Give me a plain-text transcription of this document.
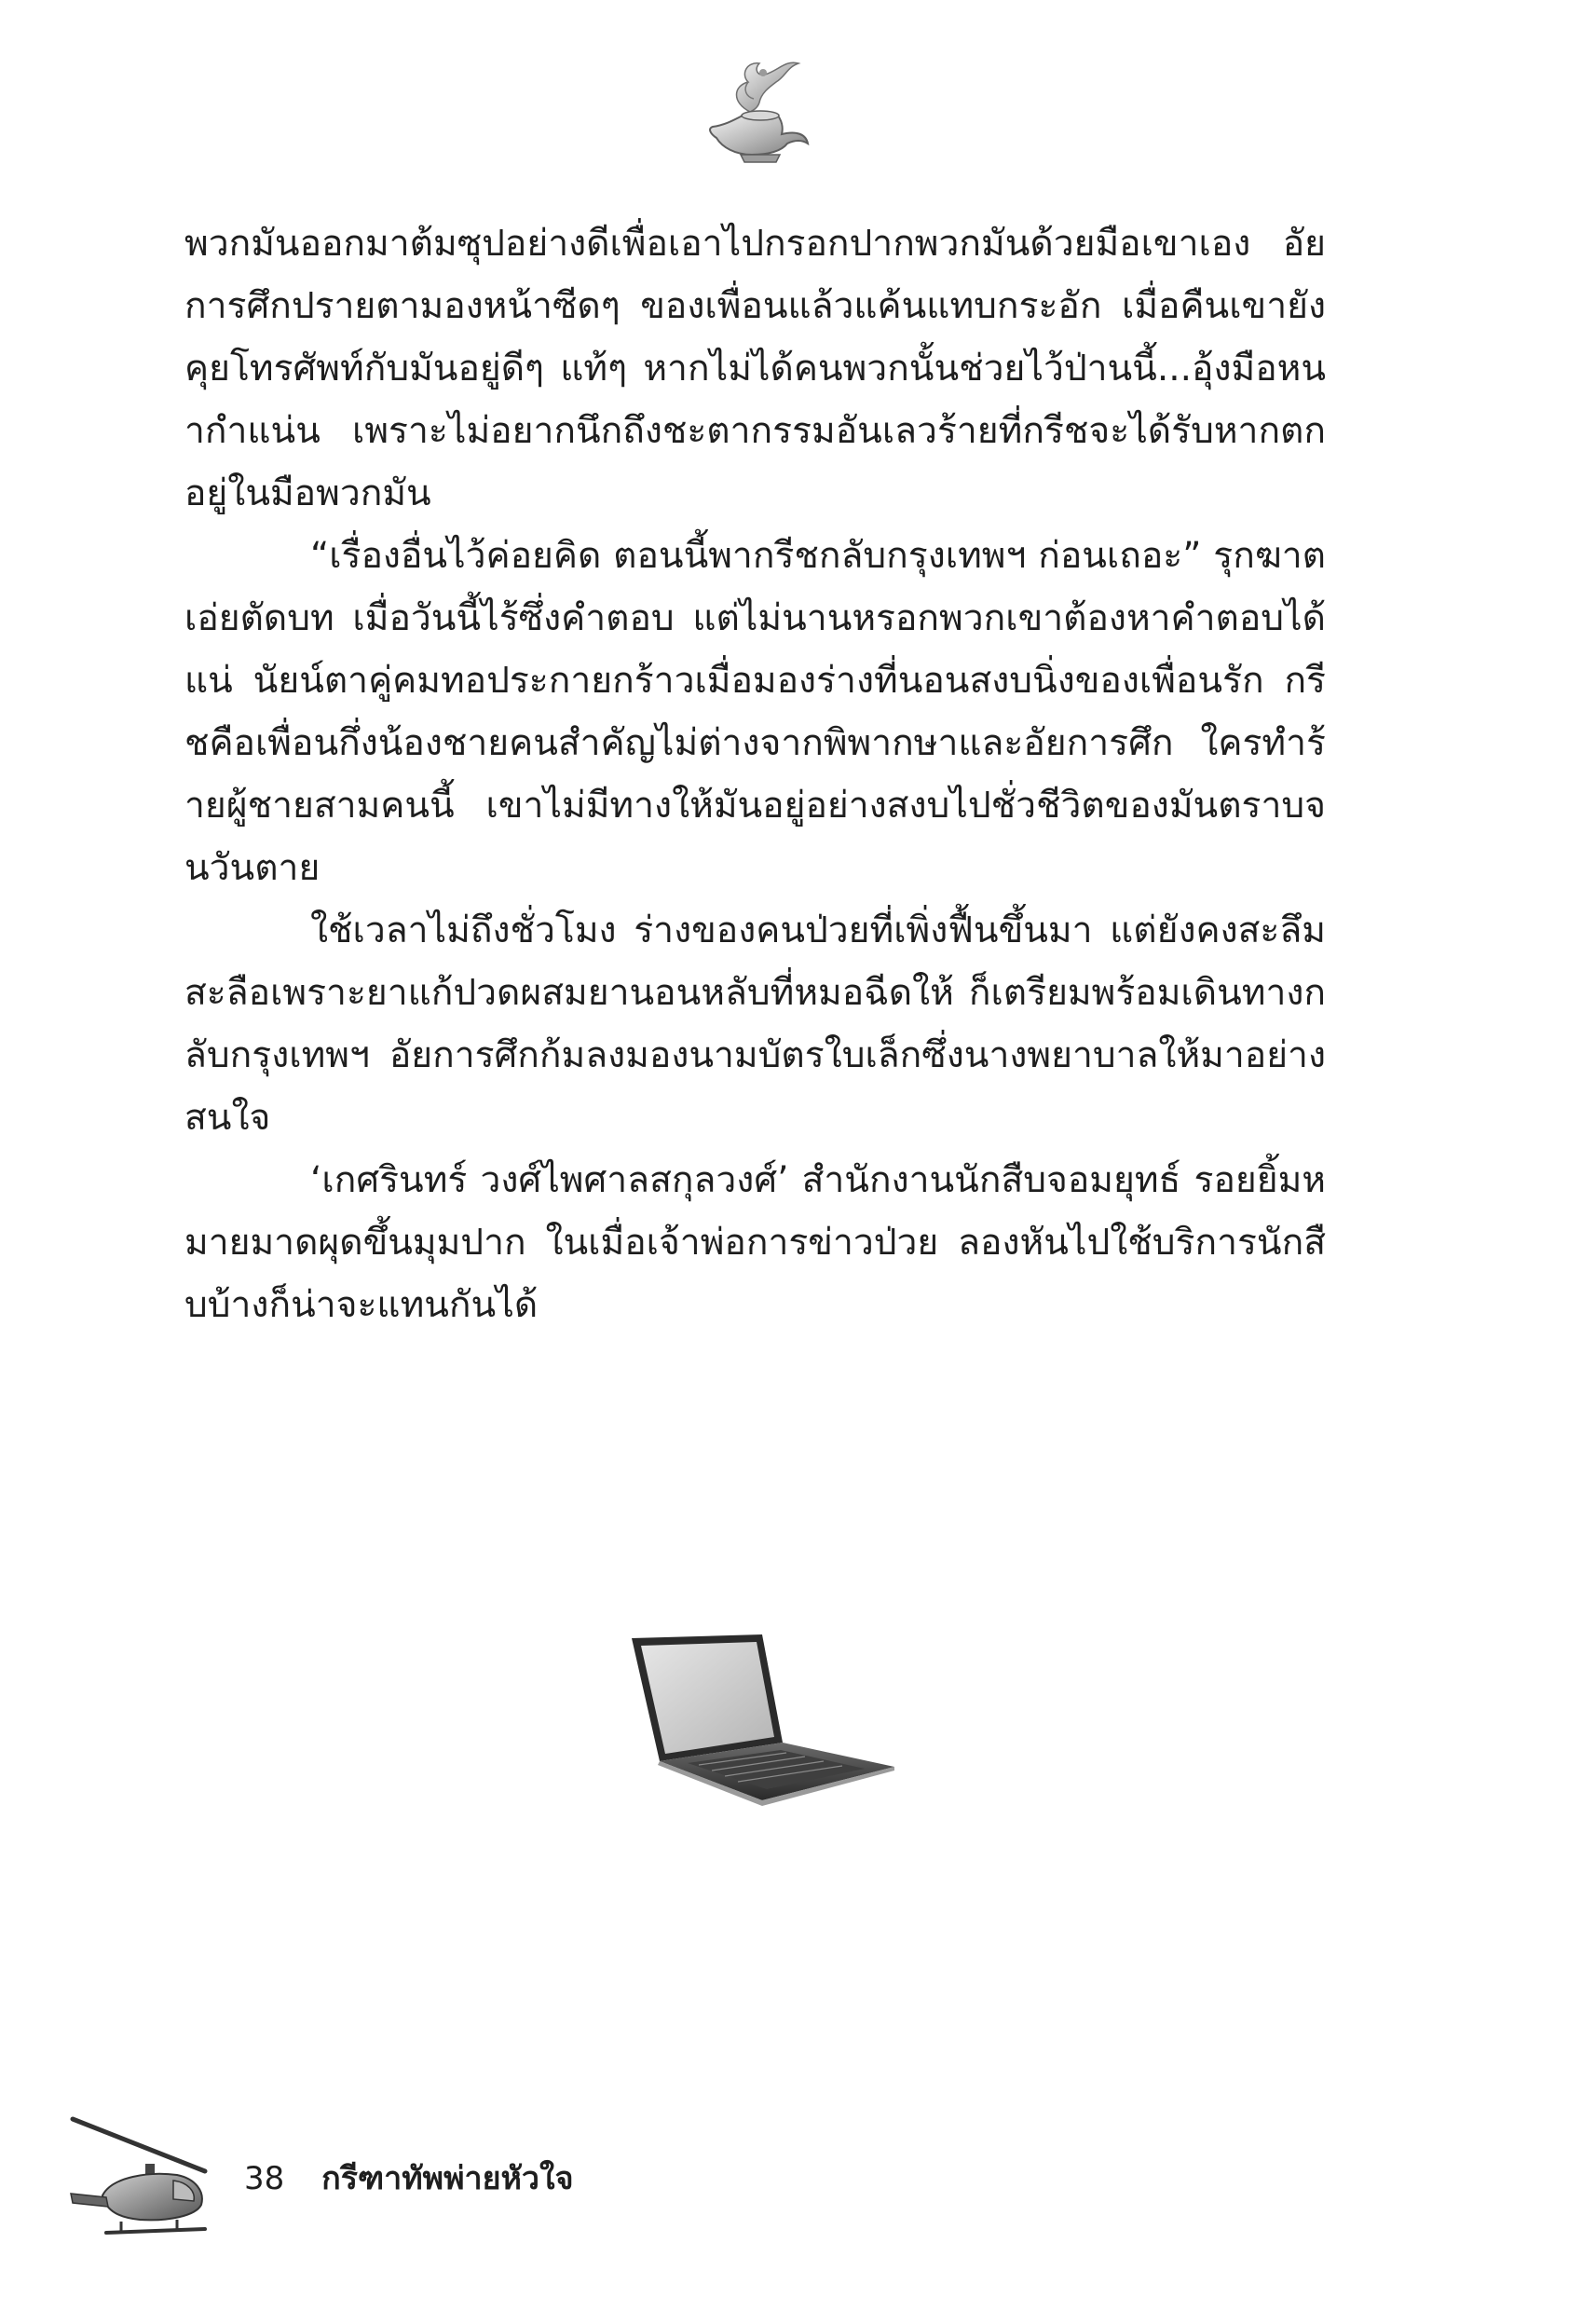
พวกมันออกมาต้มซุปอย่างดีเพื่อเอาไปกรอกปากพวกมันด้วยมือเขาเอง อัยการศึกปรายตามองหน้าซีดๆ ของเพื่อนแล้วแค้นแทบกระอัก เมื่อคืนเขายังคุยโทรศัพท์กับมันอยู่ดีๆ แท้ๆ หากไม่ได้คนพวกนั้นช่วยไว้ป่านนี้...อุ้งมือหนากำแน่น เพราะไม่อยากนึกถึงชะตากรรมอันเลวร้ายที่กรีชจะได้รับหากตกอยู่ในมือพวกมัน

“เรื่องอื่นไว้ค่อยคิด ตอนนี้พากรีชกลับกรุงเทพฯ ก่อนเถอะ” รุกฆาตเอ่ยตัดบท เมื่อวันนี้ไร้ซึ่งคำตอบ แต่ไม่นานหรอกพวกเขาต้องหาคำตอบได้แน่ นัยน์ตาคู่คมทอประกายกร้าวเมื่อมองร่างที่นอนสงบนิ่งของเพื่อนรัก กรีชคือเพื่อนกึ่งน้องชายคนสำคัญไม่ต่างจากพิพากษาและอัยการศึก ใครทำร้ายผู้ชายสามคนนี้ เขาไม่มีทางให้มันอยู่อย่างสงบไปชั่วชีวิตของมันตราบจนวันตาย

ใช้เวลาไม่ถึงชั่วโมง ร่างของคนป่วยที่เพิ่งฟื้นขึ้นมา แต่ยังคงสะลึมสะลือเพราะยาแก้ปวดผสมยานอนหลับที่หมอฉีดให้ ก็เตรียมพร้อมเดินทางกลับกรุงเทพฯ อัยการศึกก้มลงมองนามบัตรใบเล็กซึ่งนางพยาบาลให้มาอย่างสนใจ

‘เกศรินทร์ วงศ์ไพศาลสกุลวงศ์’ สำนักงานนักสืบจอมยุทธ์ รอยยิ้มหมายมาดผุดขึ้นมุมปาก ในเมื่อเจ้าพ่อการข่าวป่วย ลองหันไปใช้บริการนักสืบบ้างก็น่าจะแทนกันได้

38 กรีฑาทัพพ่ายหัวใจ
